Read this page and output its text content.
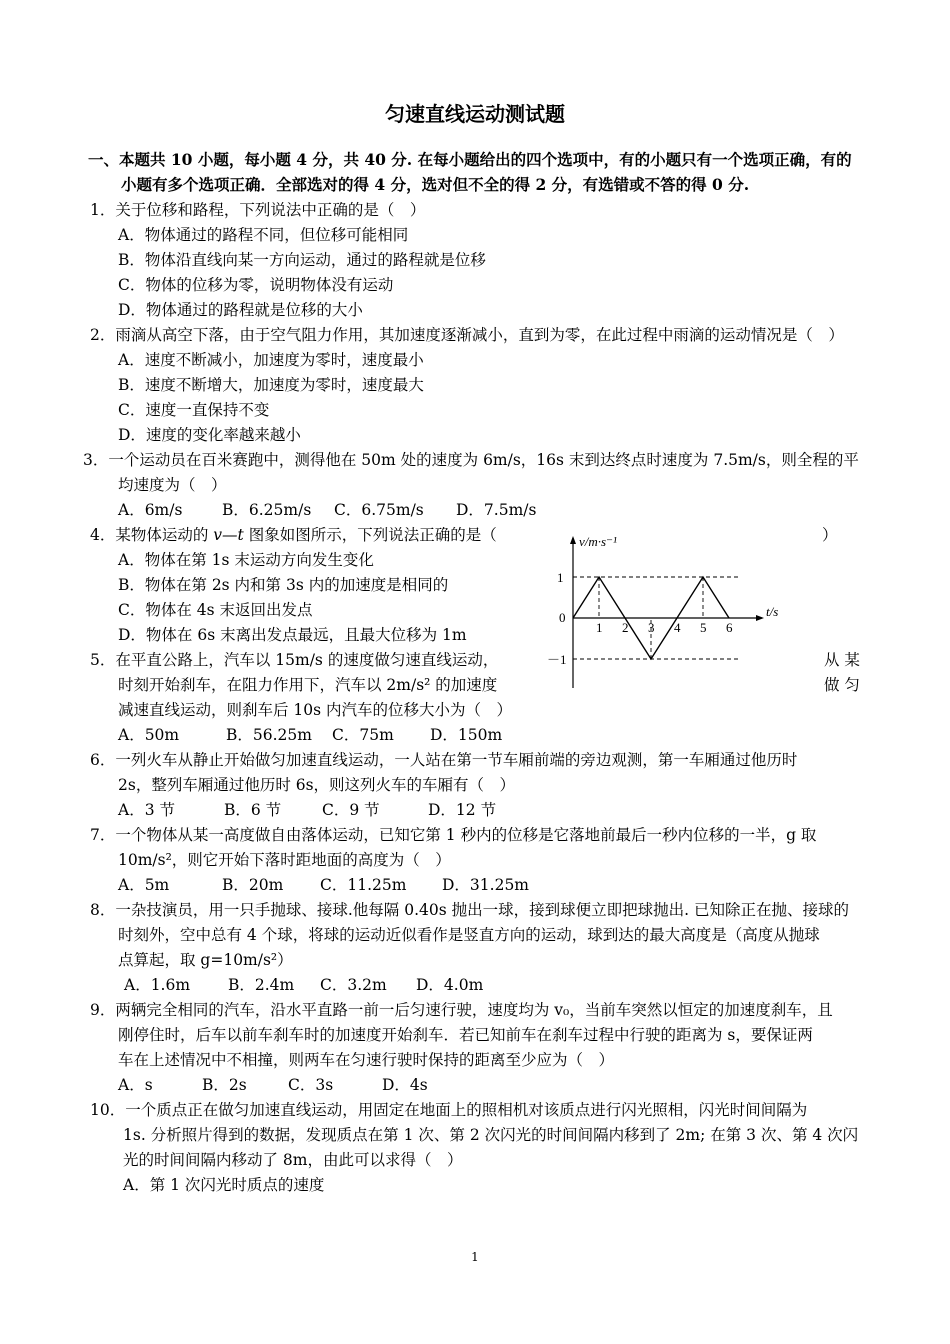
匀速直线运动测试题
一、本题共 10 小题，每小题 4 分，共 40 分. 在每小题给出的四个选项中，有的小题只有一个选项正确，有的
小题有多个选项正确．全部选对的得 4 分，选对但不全的得 2 分，有选错或不答的得 0 分.
1．关于位移和路程，下列说法中正确的是（　）
A．物体通过的路程不同，但位移可能相同
B．物体沿直线向某一方向运动，通过的路程就是位移
C．物体的位移为零，说明物体没有运动
D．物体通过的路程就是位移的大小
2．雨滴从高空下落，由于空气阻力作用，其加速度逐渐减小，直到为零，在此过程中雨滴的运动情况是（　）
A．速度不断减小，加速度为零时，速度最小
B．速度不断增大，加速度为零时，速度最大
C．速度一直保持不变
D．速度的变化率越来越小
3．一个运动员在百米赛跑中，测得他在 50m 处的速度为 6m/s，16s 末到达终点时速度为 7.5m/s，则全程的平
均速度为（　）
A．6m/s	B．6.25m/s C．6.75m/s D．7.5m/s
4．某物体运动的 v—t 图象如图所示，下列说法正确的是（	）
A．物体在第 1s 末运动方向发生变化
B．物体在第 2s 内和第 3s 内的加速度是相同的
C．物体在 4s 末返回出发点
D．物体在 6s 末离出发点最远，且最大位移为 1m
5．在平直公路上，汽车以 15m/s 的速度做匀速直线运动，	从 某
时刻开始刹车，在阻力作用下，汽车以 2m/s² 的加速度	做 匀
减速直线运动，则刹车后 10s 内汽车的位移大小为（　）
A．50m	B．56.25m C．75m D．150m
6．一列火车从静止开始做匀加速直线运动，一人站在第一节车厢前端的旁边观测，第一车厢通过他历时
2s，整列车厢通过他历时 6s，则这列火车的车厢有（　）
A．3 节	B．6 节	C．9 节	D．12 节
7．一个物体从某一高度做自由落体运动，已知它第 1 秒内的位移是它落地前最后一秒内位移的一半，g 取
10m/s²，则它开始下落时距地面的高度为（　）
A．5m	B．20m C．11.25m D．31.25m
8．一杂技演员，用一只手抛球、接球.他每隔 0.40s 抛出一球，接到球便立即把球抛出. 已知除正在抛、接球的
时刻外，空中总有 4 个球，将球的运动近似看作是竖直方向的运动，球到达的最大高度是（高度从抛球
点算起，取 g=10m/s²）
A．1.6m B．2.4m C．3.2m D．4.0m
9．两辆完全相同的汽车，沿水平直路一前一后匀速行驶，速度均为 v₀，当前车突然以恒定的加速度刹车，且
刚停住时，后车以前车刹车时的加速度开始刹车．若已知前车在刹车过程中行驶的距离为 s，要保证两
车在上述情况中不相撞，则两车在匀速行驶时保持的距离至少应为（　）
A．s	B．2s	C．3s	D．4s
10．一个质点正在做匀加速直线运动，用固定在地面上的照相机对该质点进行闪光照相，闪光时间间隔为
1s. 分析照片得到的数据，发现质点在第 1 次、第 2 次闪光的时间间隔内移到了 2m; 在第 3 次、第 4 次闪
光的时间间隔内移动了 8m，由此可以求得（　）
A．第 1 次闪光时质点的速度
v/m·s⁻¹
t/s
0
1
－1
1 2 3 4 5 6
1
